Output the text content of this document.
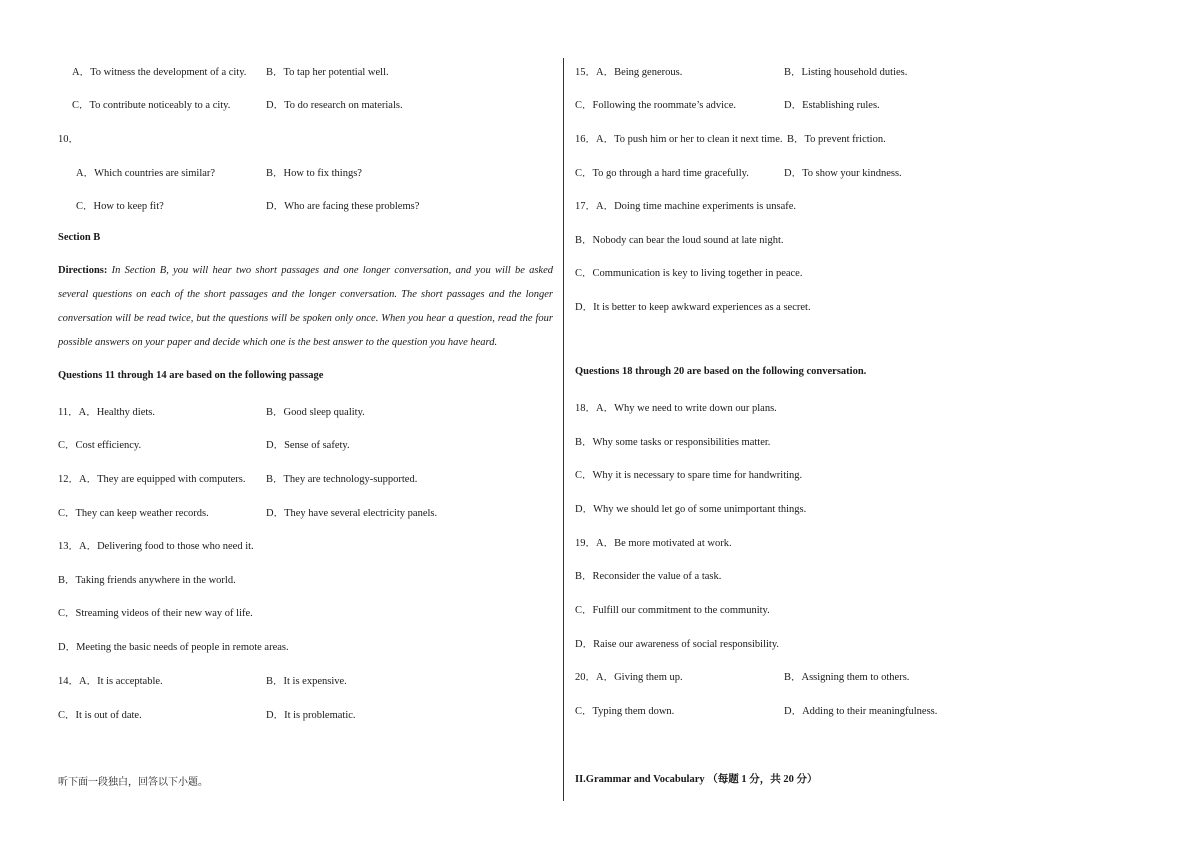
A．To witness the development of a city. B．To tap her potential well.
C．To contribute noticeably to a city.	D．To do research on materials.
10．
A．Which countries are similar?	B．How to fix things?
C．How to keep fit?	D．Who are facing these problems?
Section B
Directions: In Section B, you will hear two short passages and one longer conversation, and you will be asked
several questions on each of the short passages and the longer conversation. The short passages and the longer
conversation will be read twice, but the questions will be spoken only once. When you hear a question, read the four
possible answers on your paper and decide which one is the best answer to the question you have heard.
Questions 11 through 14 are based on the following passage
11．A．Healthy diets.	B．Good sleep quality.
C．Cost efficiency.	D．Sense of safety.
12．A．They are equipped with computers. B．They are technology-supported.
C．They can keep weather records.	D．They have several electricity panels.
13．A．Delivering food to those who need it.
B．Taking friends anywhere in the world.
C．Streaming videos of their new way of life.
D．Meeting the basic needs of people in remote areas.
14．A．It is acceptable.	B．It is expensive.
C．It is out of date.	D．It is problematic.
听下面一段独白，回答以下小题。
15．A．Being generous.	B．Listing household duties.
C．Following the roommate’s advice.	D．Establishing rules.
16．A．To push him or her to clean it next time. B．To prevent friction.
C．To go through a hard time gracefully.	D．To show your kindness.
17．A．Doing time machine experiments is unsafe.
B．Nobody can bear the loud sound at late night.
C．Communication is key to living together in peace.
D．It is better to keep awkward experiences as a secret.
Questions 18 through 20 are based on the following conversation.
18．A．Why we need to write down our plans.
B．Why some tasks or responsibilities matter.
C．Why it is necessary to spare time for handwriting.
D．Why we should let go of some unimportant things.
19．A．Be more motivated at work.
B．Reconsider the value of a task.
C．Fulfill our commitment to the community.
D．Raise our awareness of social responsibility.
20．A．Giving them up.	B．Assigning them to others.
C．Typing them down.	D．Adding to their meaningfulness.
II.Grammar and Vocabulary （每题 1 分，共 20 分）
